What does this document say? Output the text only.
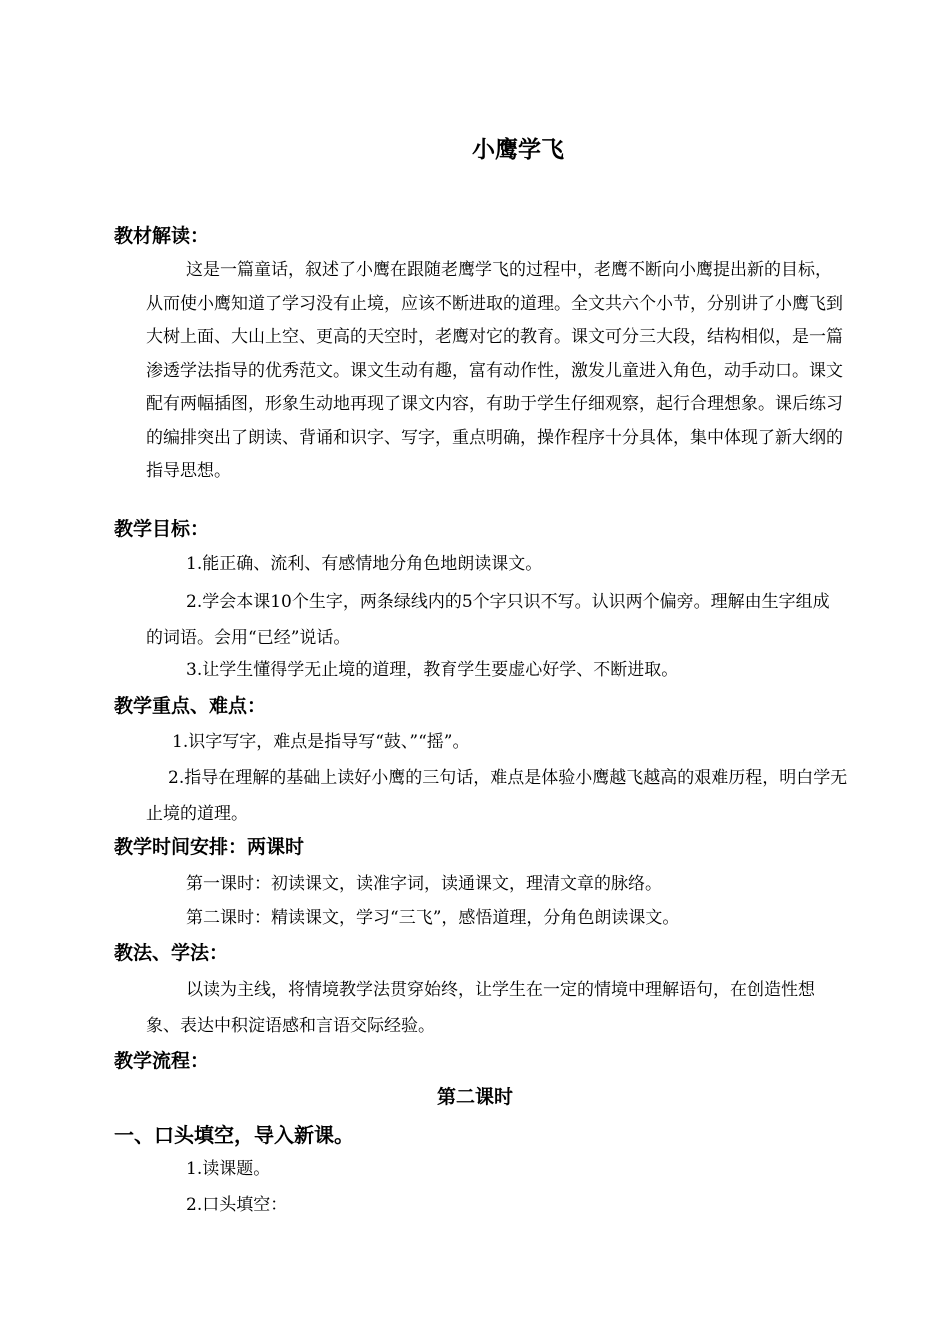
小鹰学飞
教材解读：

这是一篇童话，叙述了小鹰在跟随老鹰学飞的过程中，老鹰不断向小鹰提出新的目标，从而使小鹰知道了学习没有止境，应该不断进取的道理。全文共六个小节，分别讲了小鹰飞到大树上面、大山上空、更高的天空时，老鹰对它的教育。课文可分三大段，结构相似，是一篇渗透学法指导的优秀范文。课文生动有趣，富有动作性，激发儿童进入角色，动手动口。课文配有两幅插图，形象生动地再现了课文内容，有助于学生仔细观察，起行合理想象。课后练习的编排突出了朗读、背诵和识字、写字，重点明确，操作程序十分具体，集中体现了新大纲的指导思想。

教学目标：
1.能正确、流利、有感情地分角色地朗读课文。

2.学会本课10个生字，两条绿线内的5个字只识不写。认识两个偏旁。理解由生字组成的词语。会用“已经”说话。

3.让学生懂得学无止境的道理，教育学生要虚心好学、不断进取。
教学重点、难点：
1.识字写字，难点是指导写“鼓、”“摇”。

2.指导在理解的基础上读好小鹰的三句话，难点是体验小鹰越飞越高的艰难历程，明白学无止境的道理。

教学时间安排：两课时
第一课时：初读课文，读准字词，读通课文，理清文章的脉络。
第二课时：精读课文，学习“三飞”，感悟道理，分角色朗读课文。
教法、学法：

以读为主线，将情境教学法贯穿始终，让学生在一定的情境中理解语句，在创造性想象、表达中积淀语感和言语交际经验。

教学流程：
第二课时
一、口头填空，导入新课。
1.读课题。
2.口头填空：
